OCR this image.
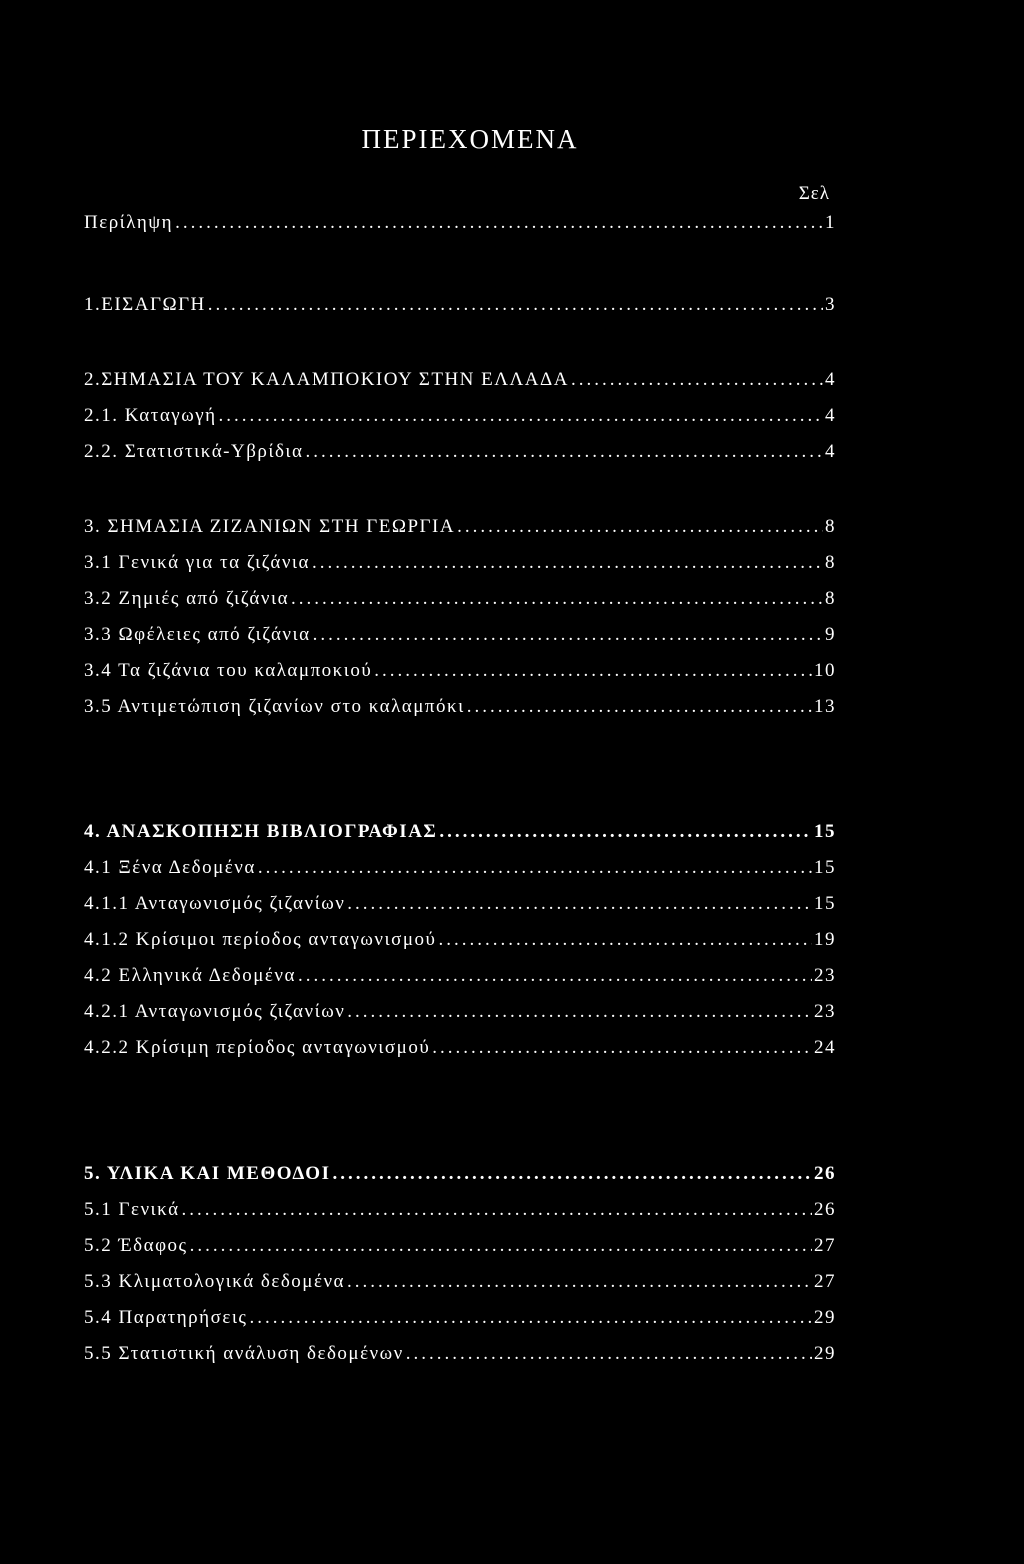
ΠΕΡΙΕΧΟΜΕΝΑ
Σελ
Περίληψη .....	1
1.ΕΙΣΑΓΩΓΗ .....	3
2.ΣΗΜΑΣΙΑ ΤΟΥ ΚΑΛΑΜΠΟΚΙΟΥ ΣΤΗΝ ΕΛΛΑΔΑ .....	4
2.1. Καταγωγή .....	4
2.2. Στατιστικά-Υβρίδια .....	4
3. ΣΗΜΑΣΙΑ ΖΙΖΑΝΙΩΝ ΣΤΗ ΓΕΩΡΓΙΑ .....	8
3.1 Γενικά για τα ζιζάνια .....	8
3.2 Ζημιές από ζιζάνια .....	8
3.3 Ωφέλειες από ζιζάνια .....	9
3.4 Τα ζιζάνια του καλαμποκιού .....	10
3.5 Αντιμετώπιση ζιζανίων στο καλαμπόκι .....	13
4. ΑΝΑΣΚΟΠΗΣΗ ΒΙΒΛΙΟΓΡΑΦΙΑΣ .....	15
4.1 Ξένα Δεδομένα .....	15
4.1.1 Ανταγωνισμός ζιζανίων .....	15
4.1.2 Κρίσιμοι περίοδος ανταγωνισμού .....	19
4.2 Ελληνικά Δεδομένα .....	23
4.2.1 Ανταγωνισμός ζιζανίων .....	23
4.2.2 Κρίσιμη περίοδος ανταγωνισμού .....	24
5. ΥΛΙΚΑ ΚΑΙ ΜΕΘΟΔΟΙ .....	26
5.1 Γενικά .....	26
5.2 Έδαφος .....	27
5.3 Κλιματολογικά δεδομένα .....	27
5.4 Παρατηρήσεις .....	29
5.5 Στατιστική ανάλυση δεδομένων .....	29
